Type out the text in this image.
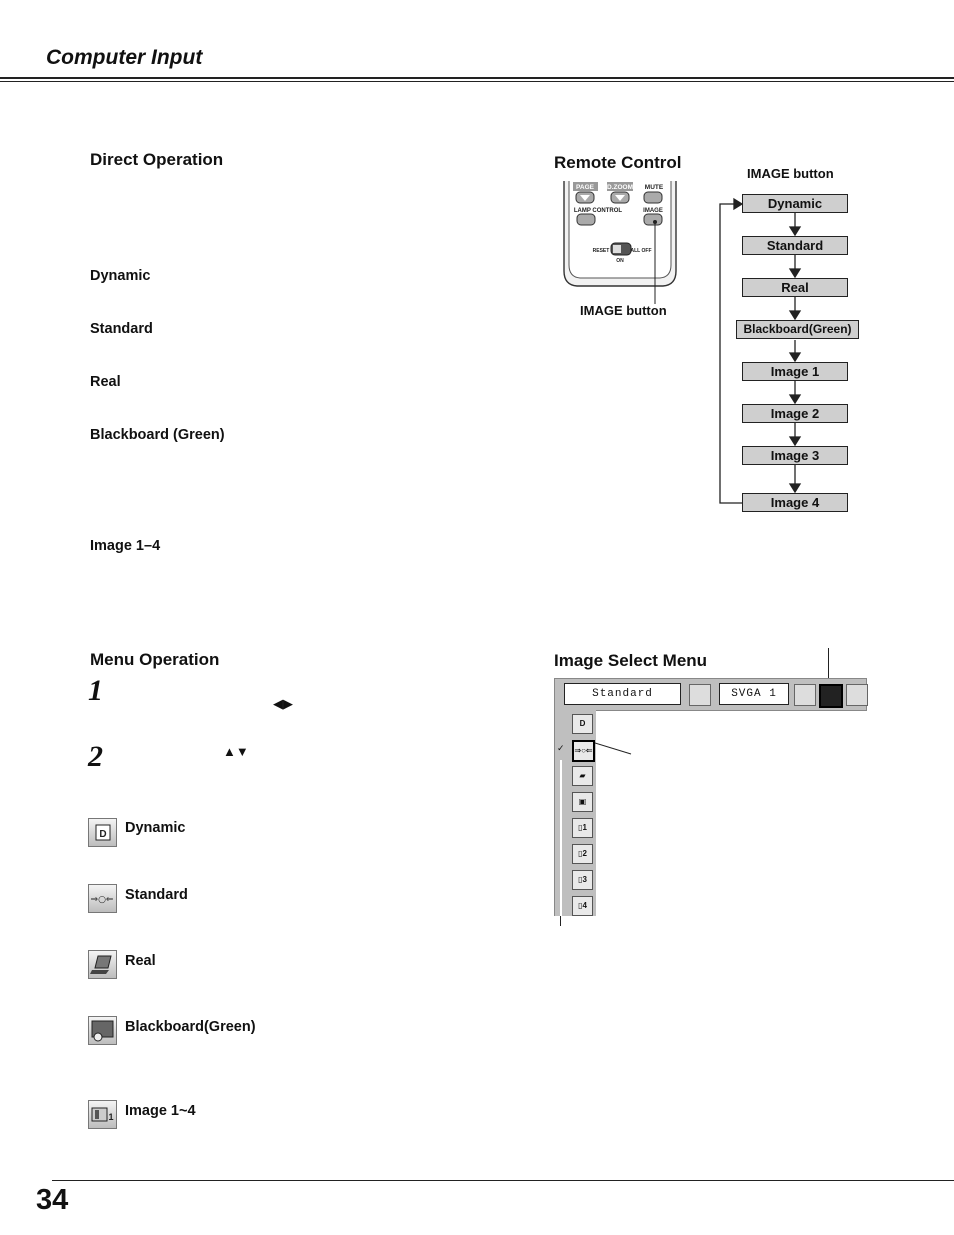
Computer Input
Direct Operation
Dynamic
Standard
Real
Blackboard (Green)
Image 1–4
Remote Control
PAGE D.ZOOM MUTE
LAMP CONTROL	IMAGE
RESET	ALL OFF
ON
IMAGE button
IMAGE button
Dynamic
Standard
Real
Blackboard(Green)
Image 1
Image 2
Image 3
Image 4
Menu Operation
1	◀▶
2	▲▼
D Dynamic
⇒○⇐ Standard
Real
Blackboard(Green)
1 Image 1~4
Image Select Menu
Standard	SVGA 1
✓
D
⇒○⇐
▰
▣
▯1
▯2
▯3
▯4
34
